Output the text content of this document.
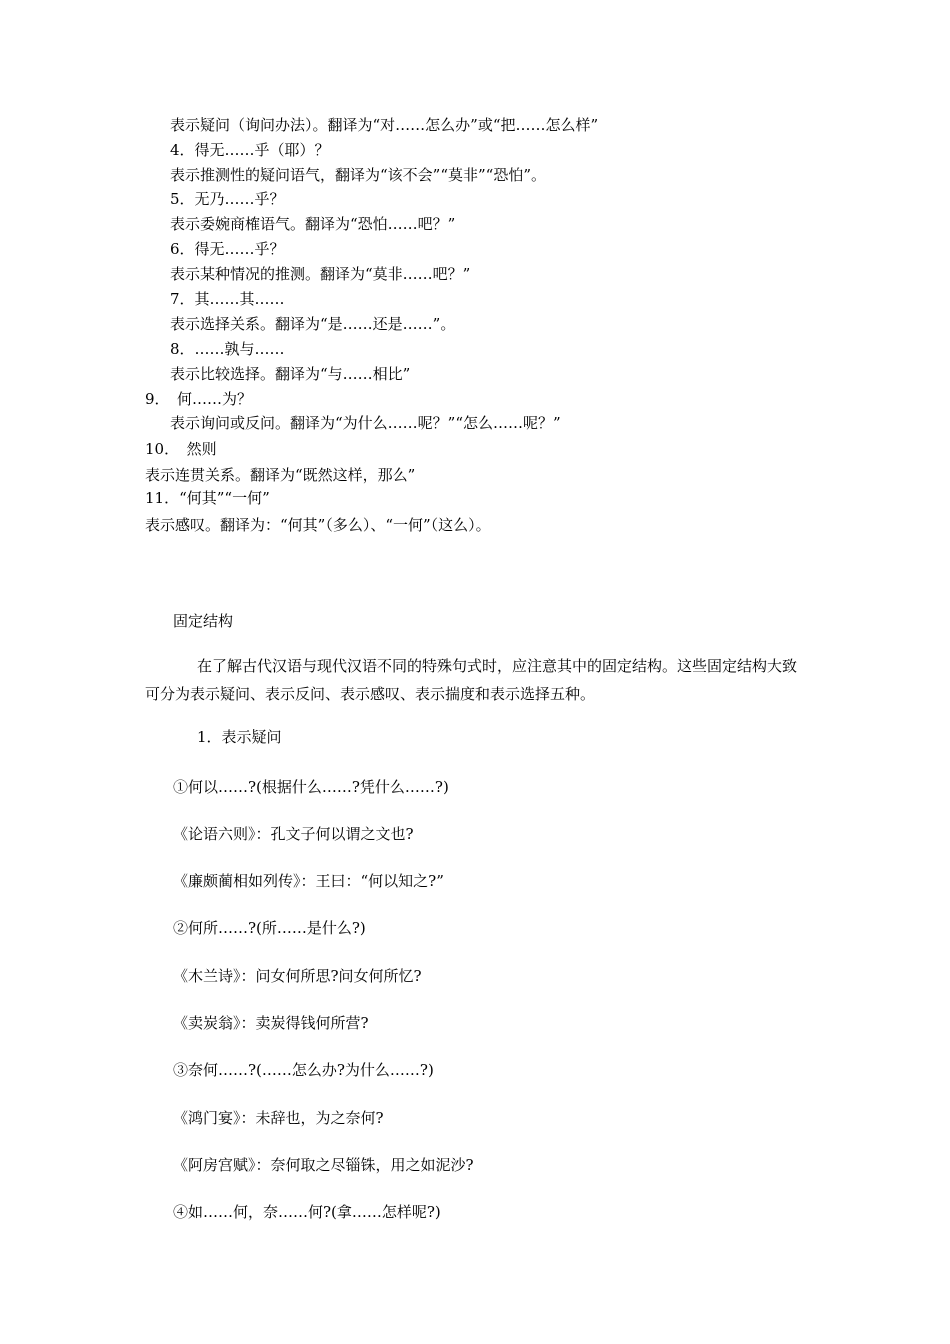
表示疑问（询问办法）。翻译为“对……怎么办”或“把……怎么样”
4．得无……乎（耶）？
表示推测性的疑问语气，翻译为“该不会”“莫非”“恐怕”。
5．无乃……乎？
表示委婉商榷语气。翻译为“恐怕……吧？”
6．得无……乎？
表示某种情况的推测。翻译为“莫非……吧？”
7．其……其……
表示选择关系。翻译为“是……还是……”。
8．……孰与……
表示比较选择。翻译为“与……相比”
9．　何……为？
表示询问或反问。翻译为“为什么……呢？”“怎么……呢？”
10．　然则
表示连贯关系。翻译为“既然这样，那么”
11．“何其”“一何”
表示感叹。翻译为：“何其”（多么）、“一何”（这么）。
固定结构
在了解古代汉语与现代汉语不同的特殊句式时，应注意其中的固定结构。这些固定结构大致可分为表示疑问、表示反问、表示感叹、表示揣度和表示选择五种。
1．表示疑问
①何以……?(根据什么……?凭什么……?)
《论语六则》：孔文子何以谓之文也?
《廉颇蔺相如列传》：王曰：“何以知之?”
②何所……?(所……是什么?)
《木兰诗》：问女何所思?问女何所忆?
《卖炭翁》：卖炭得钱何所营?
③奈何……?(……怎么办?为什么……?)
《鸿门宴》：未辞也，为之奈何?
《阿房宫赋》：奈何取之尽锱铢，用之如泥沙?
④如……何，奈……何?(拿……怎样呢?)
